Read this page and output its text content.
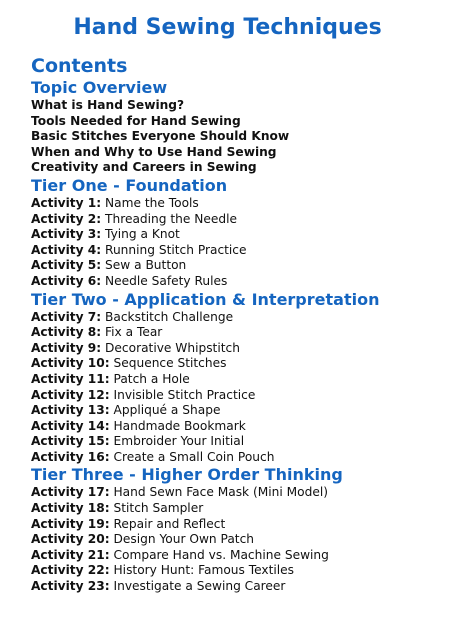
Hand Sewing Techniques
Contents
Topic Overview

What is Hand Sewing?

Tools Needed for Hand Sewing

Basic Stitches Everyone Should Know

When and Why to Use Hand Sewing

Creativity and Careers in Sewing

Tier One - Foundation

Activity 1: Name the Tools

Activity 2: Threading the Needle

Activity 3: Tying a Knot

Activity 4: Running Stitch Practice

Activity 5: Sew a Button

Activity 6: Needle Safety Rules

Tier Two - Application & Interpretation

Activity 7: Backstitch Challenge

Activity 8: Fix a Tear

Activity 9: Decorative Whipstitch

Activity 10: Sequence Stitches

Activity 11: Patch a Hole

Activity 12: Invisible Stitch Practice

Activity 13: Appliqué a Shape

Activity 14: Handmade Bookmark

Activity 15: Embroider Your Initial

Activity 16: Create a Small Coin Pouch

Tier Three - Higher Order Thinking

Activity 17: Hand Sewn Face Mask (Mini Model)

Activity 18: Stitch Sampler

Activity 19: Repair and Reflect

Activity 20: Design Your Own Patch

Activity 21: Compare Hand vs. Machine Sewing

Activity 22: History Hunt: Famous Textiles

Activity 23: Investigate a Sewing Career
